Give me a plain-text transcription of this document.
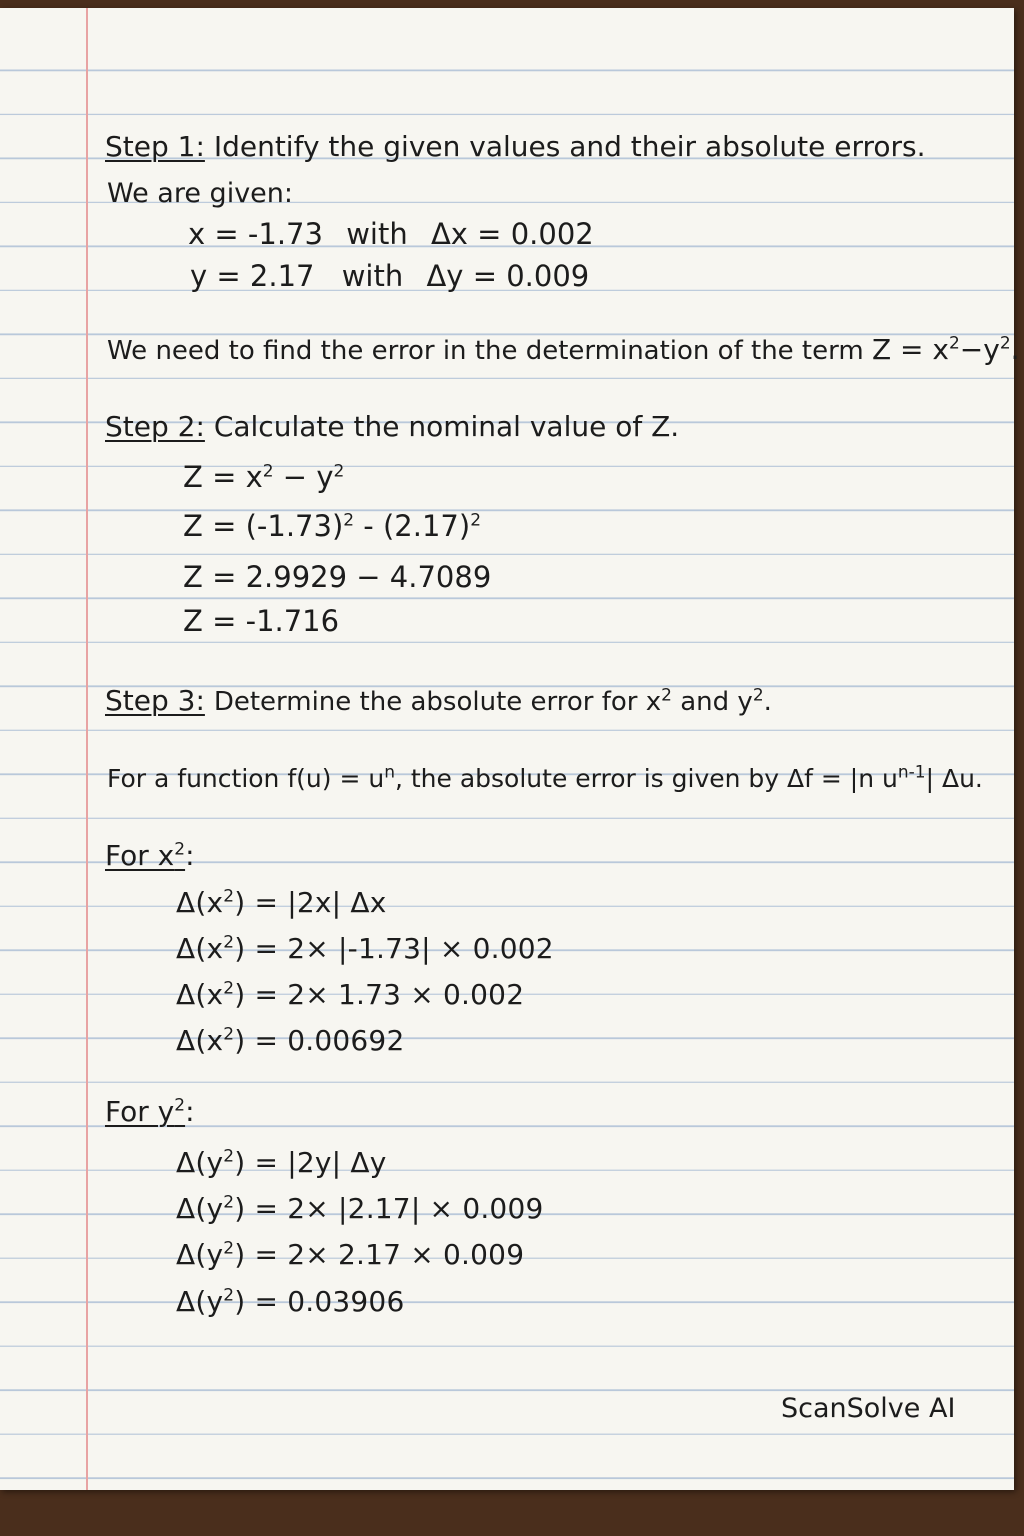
Step 1: Identify the given values and their absolute errors.
We are given:
x = -1.73 with Δx = 0.002
y = 2.17 with Δy = 0.009
We need to find the error in the determination of the term $Z = x^2-y^2$.
Step 2: Calculate the nominal value of Z.
$Z = x^2 - y^2$
$Z = (-1.73)^2 - (2.17)^2$
Z = 2.9929 − 4.7089
Z = -1.716
Step 3: Determine the absolute error for $x^2$ and $y^2$.
For a function $f(u) = u^n$, the absolute error is given by Δf = |n $u^{n-1}|$ Δu.
For $x^2$:
$\Delta(x^2) = |2x|$ Δx
$\Delta(x^2) = 2\times |-1.73| \times 0.002$
$\Delta(x^2) = 2\times 1.73 \times 0.002$
$\Delta(x^2) = 0.00692$
For $y^2$:
$\Delta(y^2) = |2y|$ Δy
$\Delta(y^2) = 2\times |2.17| \times 0.009$
$\Delta(y^2) = 2\times 2.17 \times 0.009$
$\Delta(y^2) = 0.03906$
ScanSolve AI
